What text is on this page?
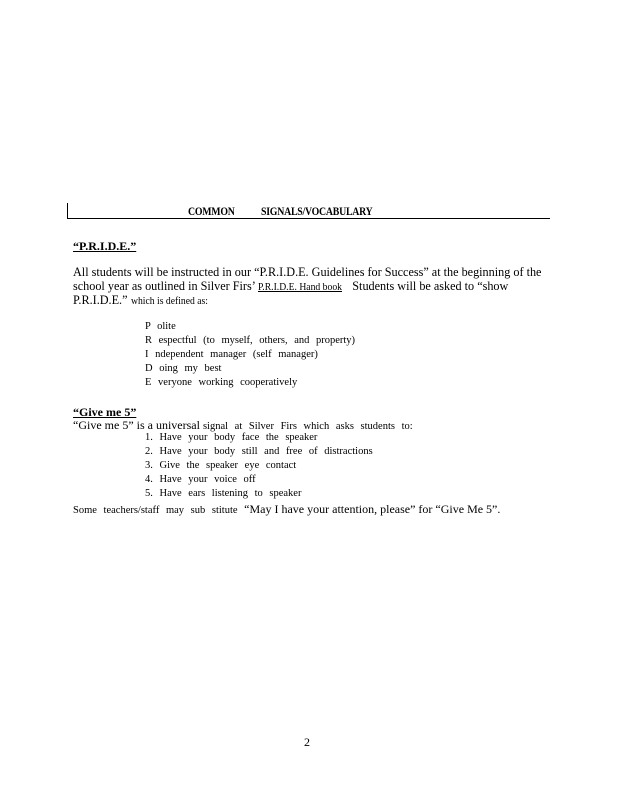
COMMON SIGNALS/VOCABULARY
“P.R.I.D.E.”
All students will be instructed in our “P.R.I.D.E. Guidelines for Success” at the beginning of the
school year as outlined in Silver Firs’ P.R.I.D.E. Hand book Students will be asked to “show
P.R.I.D.E.” which is defined as:
P olite
R espectful (to myself, others, and property)
I ndependent manager (self manager)
D oing my best
E veryone working cooperatively
“Give me 5”
“Give me 5” is a universal signal at Silver Firs which asks students to:
1. Have your body face the speaker
2. Have your body still and free of distractions
3. Give the speaker eye contact
4. Have your voice off
5. Have ears listening to speaker
Some teachers/staff may sub stitute “May I have your attention, please” for “Give Me 5”.
2
